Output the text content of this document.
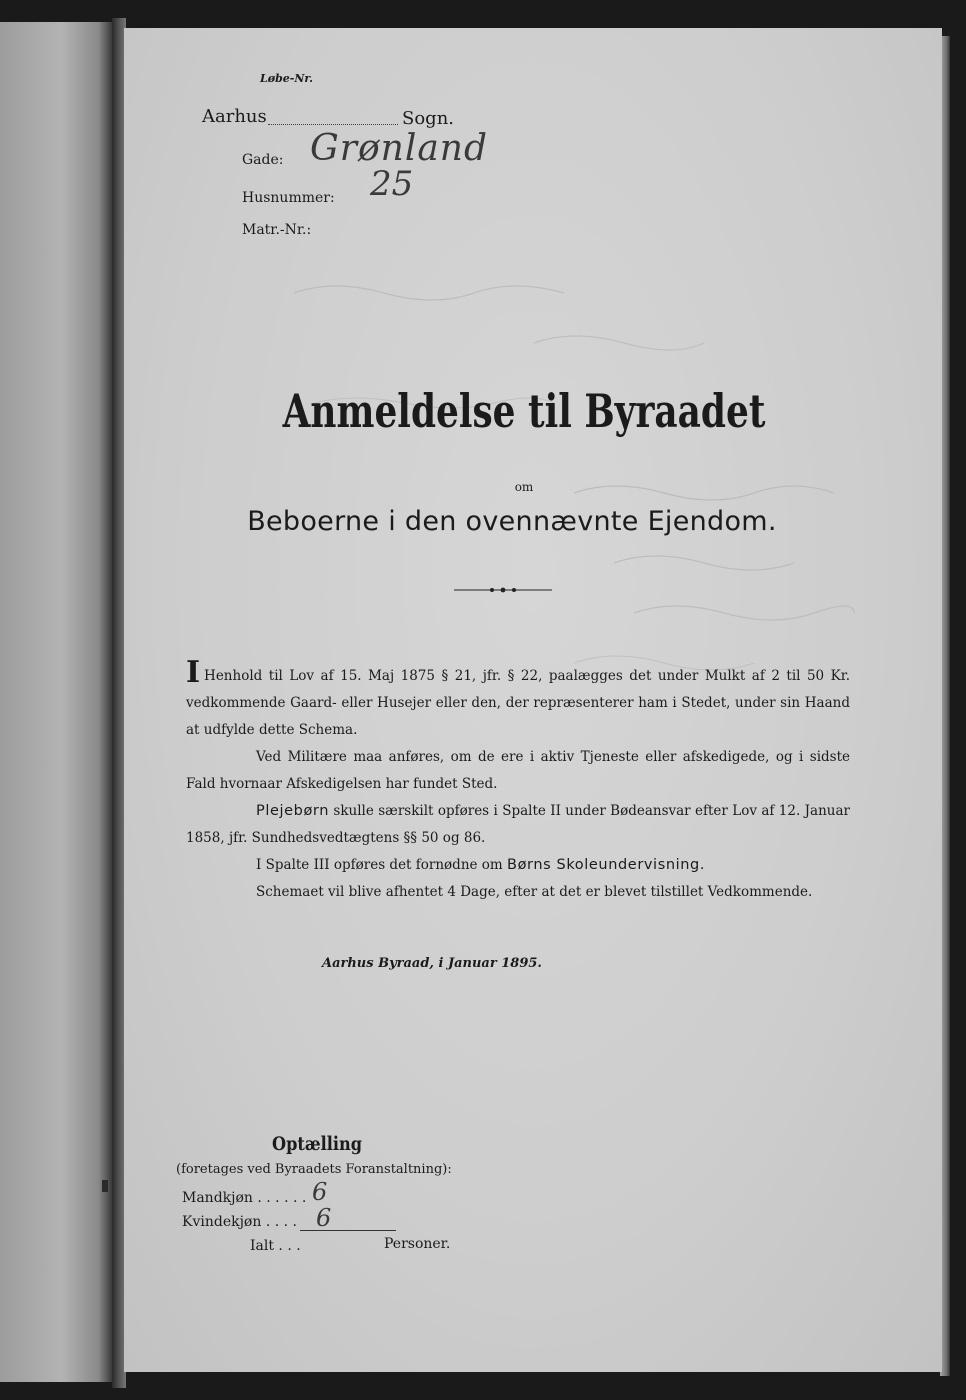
Løbe-Nr.
Aarhus	Sogn.
Gade: Grønland
Husnummer: 25
Matr.-Nr.:
Anmeldelse til Byraadet
om
Beboerne i den ovennævnte Ejendom.

I Henhold til Lov af 15. Maj 1875 § 21, jfr. § 22, paalægges det under Mulkt af 2 til 50 Kr. vedkommende Gaard- eller Husejer eller den, der repræsenterer ham i Stedet, under sin Haand at udfylde dette Schema.

Ved Militære maa anføres, om de ere i aktiv Tjeneste eller afskedigede, og i sidste Fald hvornaar Afskedigelsen har fundet Sted.

Plejebørn skulle særskilt opføres i Spalte II under Bødeansvar efter Lov af 12. Januar 1858, jfr. Sundhedsvedtægtens §§ 50 og 86.

I Spalte III opføres det fornødne om Børns Skoleundervisning.

Schemaet vil blive afhentet 4 Dage, efter at det er blevet tilstillet Vedkommende.

Aarhus Byraad, i Januar 1895.
Optælling
(foretages ved Byraadets Foranstaltning):
Mandkjøn . . . . . . 6
Kvindekjøn . . . . 6
Ialt . . .	Personer.
